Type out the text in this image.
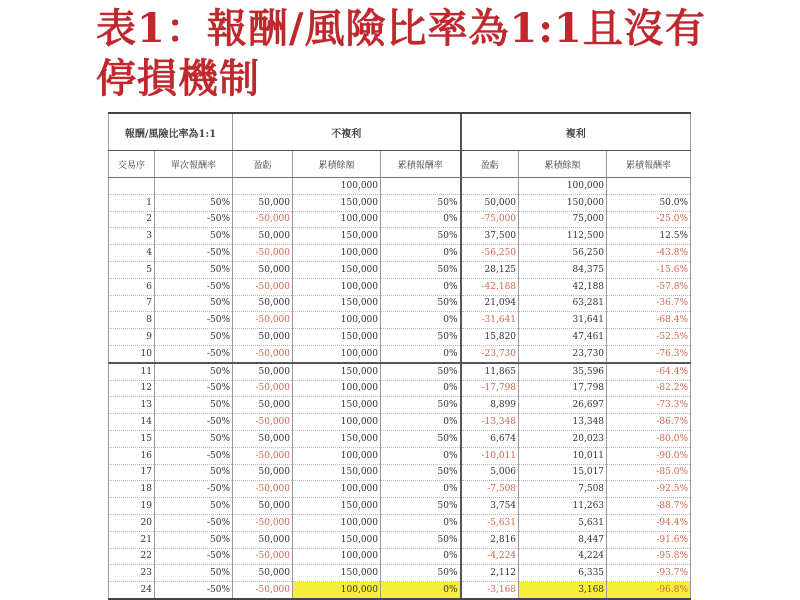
表1：報酬/風險比率為1:1且沒有
停損機制
報酬/風險比率為1:1		不複利			複利		
交易序	單次報酬率	盈虧	累積餘額	累積報酬率	盈虧	累積餘額	累積報酬率
			100,000			100,000	
1	50%	50,000	150,000	50%	50,000	150,000	50.0%
2	-50%	-50,000	100,000	0%	-75,000	75,000	-25.0%
3	50%	50,000	150,000	50%	37,500	112,500	12.5%
4	-50%	-50,000	100,000	0%	-56,250	56,250	-43.8%
5	50%	50,000	150,000	50%	28,125	84,375	-15.6%
6	-50%	-50,000	100,000	0%	-42,188	42,188	-57.8%
7	50%	50,000	150,000	50%	21,094	63,281	-36.7%
8	-50%	-50,000	100,000	0%	-31,641	31,641	-68.4%
9	50%	50,000	150,000	50%	15,820	47,461	-52.5%
10	-50%	-50,000	100,000	0%	-23,730	23,730	-76.3%
11	50%	50,000	150,000	50%	11,865	35,596	-64.4%
12	-50%	-50,000	100,000	0%	-17,798	17,798	-82.2%
13	50%	50,000	150,000	50%	8,899	26,697	-73.3%
14	-50%	-50,000	100,000	0%	-13,348	13,348	-86.7%
15	50%	50,000	150,000	50%	6,674	20,023	-80.0%
16	-50%	-50,000	100,000	0%	-10,011	10,011	-90.0%
17	50%	50,000	150,000	50%	5,006	15,017	-85.0%
18	-50%	-50,000	100,000	0%	-7,508	7,508	-92.5%
19	50%	50,000	150,000	50%	3,754	11,263	-88.7%
20	-50%	-50,000	100,000	0%	-5,631	5,631	-94.4%
21	50%	50,000	150,000	50%	2,816	8,447	-91.6%
22	-50%	-50,000	100,000	0%	-4,224	4,224	-95.8%
23	50%	50,000	150,000	50%	2,112	6,335	-93.7%
24	-50%	-50,000	100,000	0%	-3,168	3,168	-96.8%
